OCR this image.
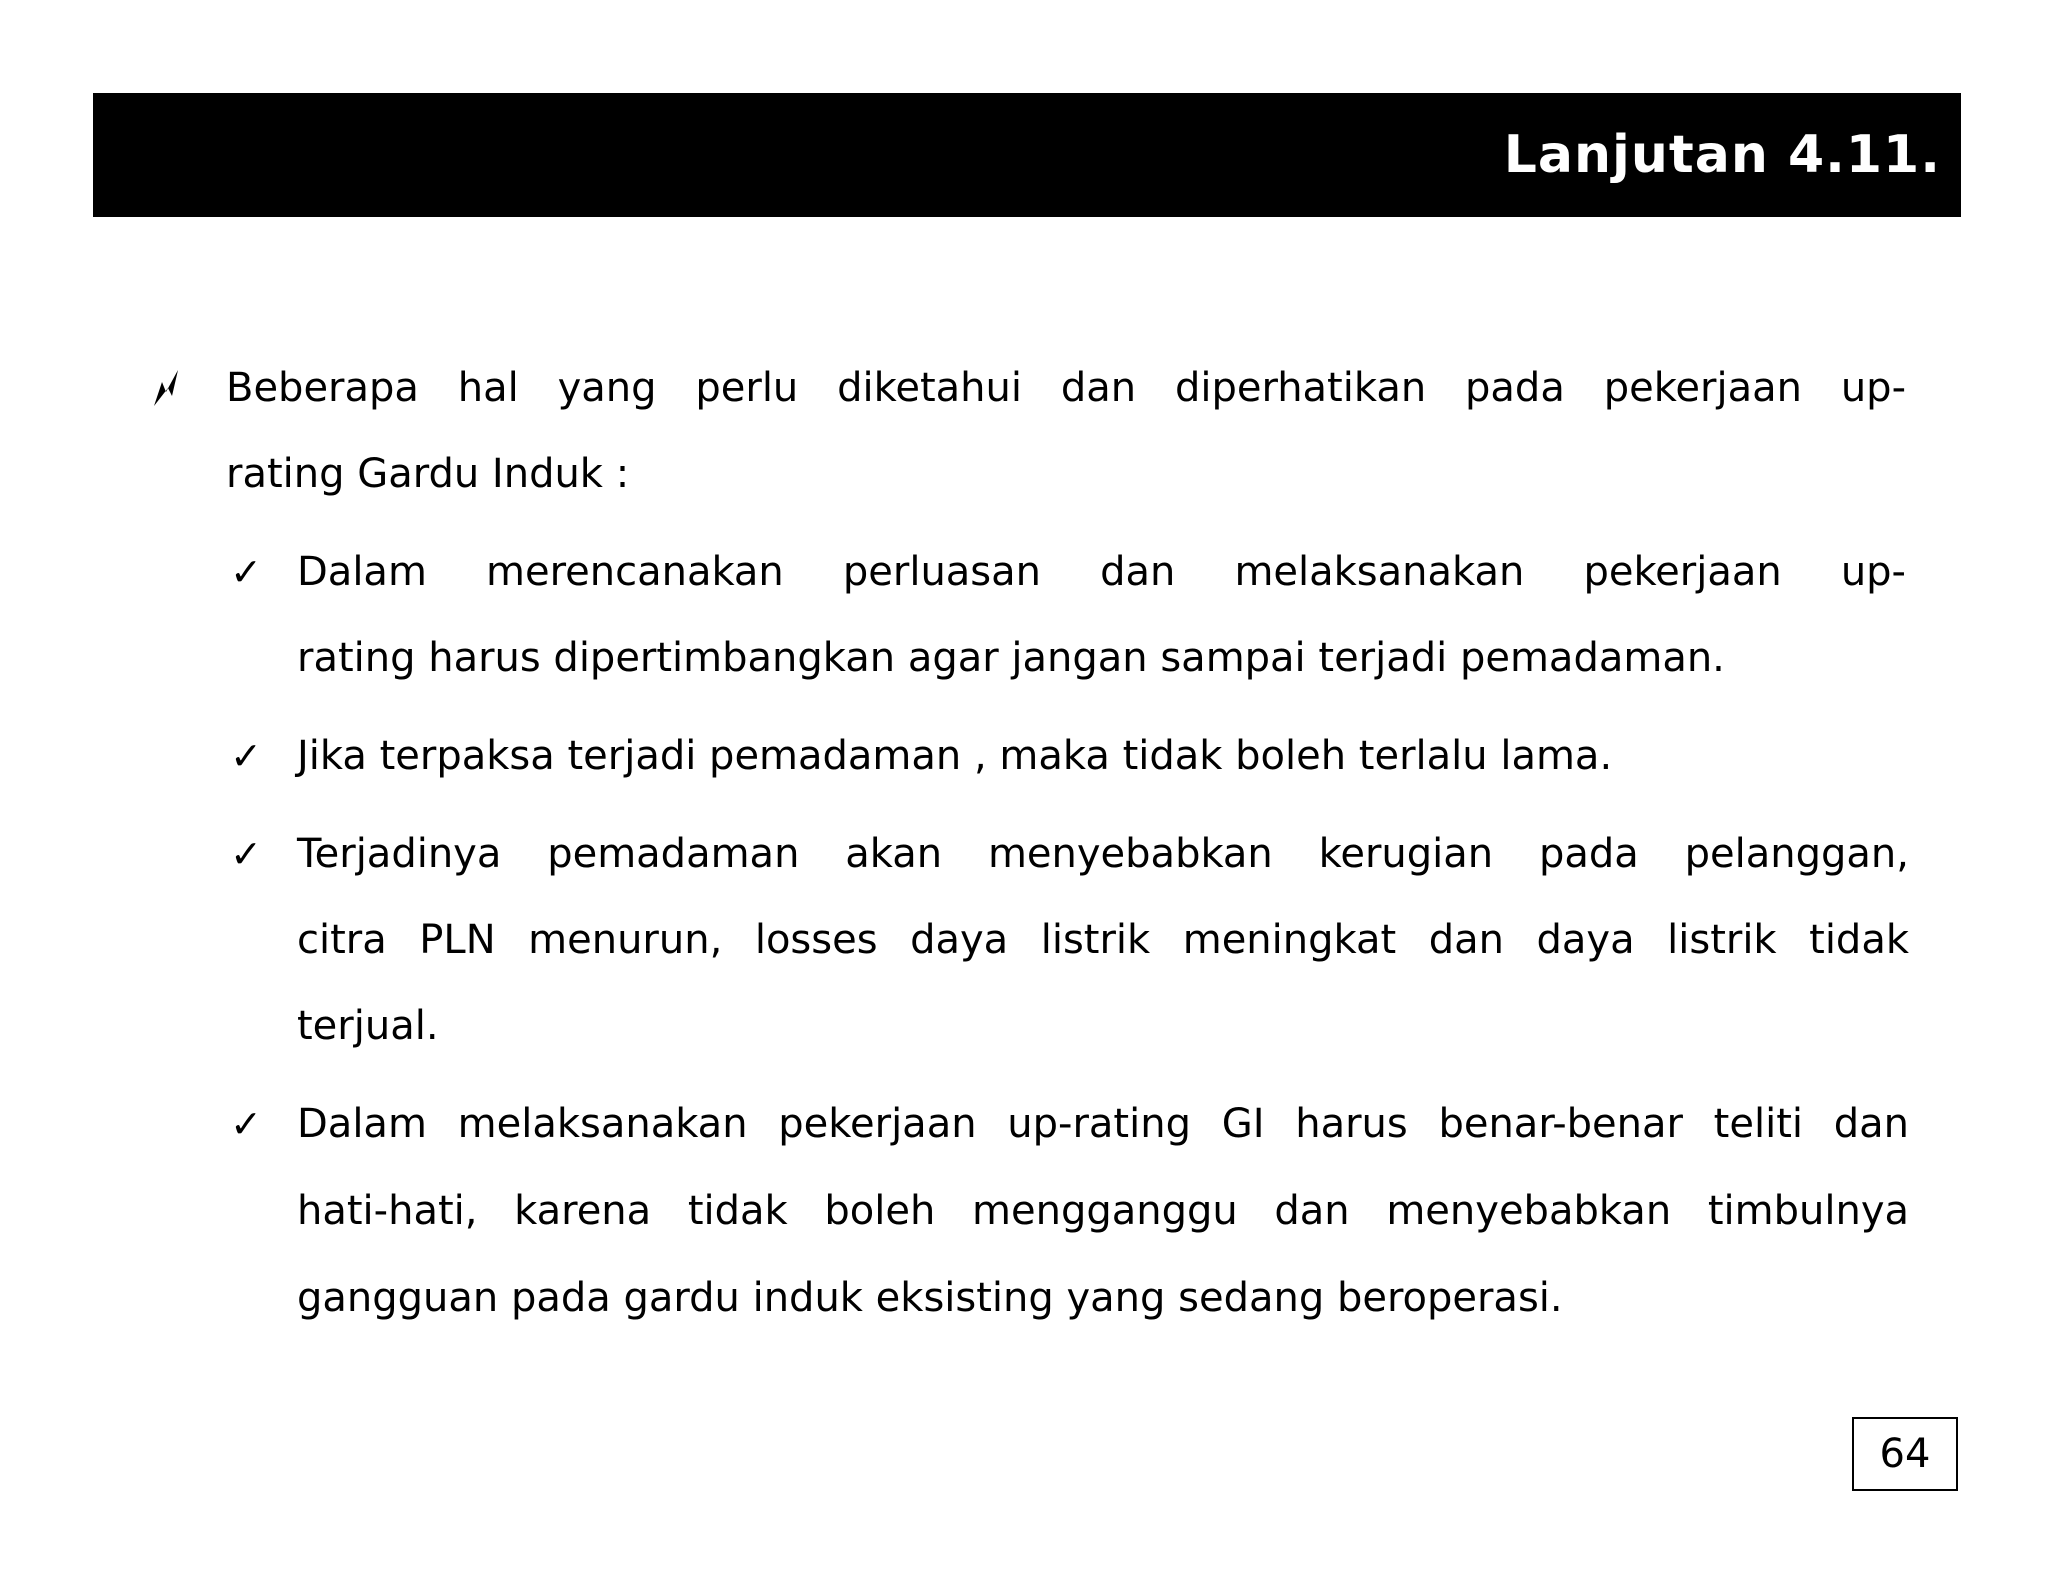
Lanjutan 4.11.
Beberapa hal yang perlu diketahui dan diperhatikan pada pekerjaan up-
rating Gardu Induk :
✓ Dalam merencanakan perluasan dan melaksanakan pekerjaan up-
rating harus dipertimbangkan agar jangan sampai terjadi pemadaman.
✓ Jika terpaksa terjadi pemadaman , maka tidak boleh terlalu lama.
✓ Terjadinya pemadaman akan menyebabkan kerugian pada pelanggan,
citra PLN menurun, losses daya listrik meningkat dan daya listrik tidak
terjual.
✓ Dalam melaksanakan pekerjaan up-rating GI harus benar-benar teliti dan
hati-hati, karena tidak boleh mengganggu dan menyebabkan timbulnya
gangguan pada gardu induk eksisting yang sedang beroperasi.
64
